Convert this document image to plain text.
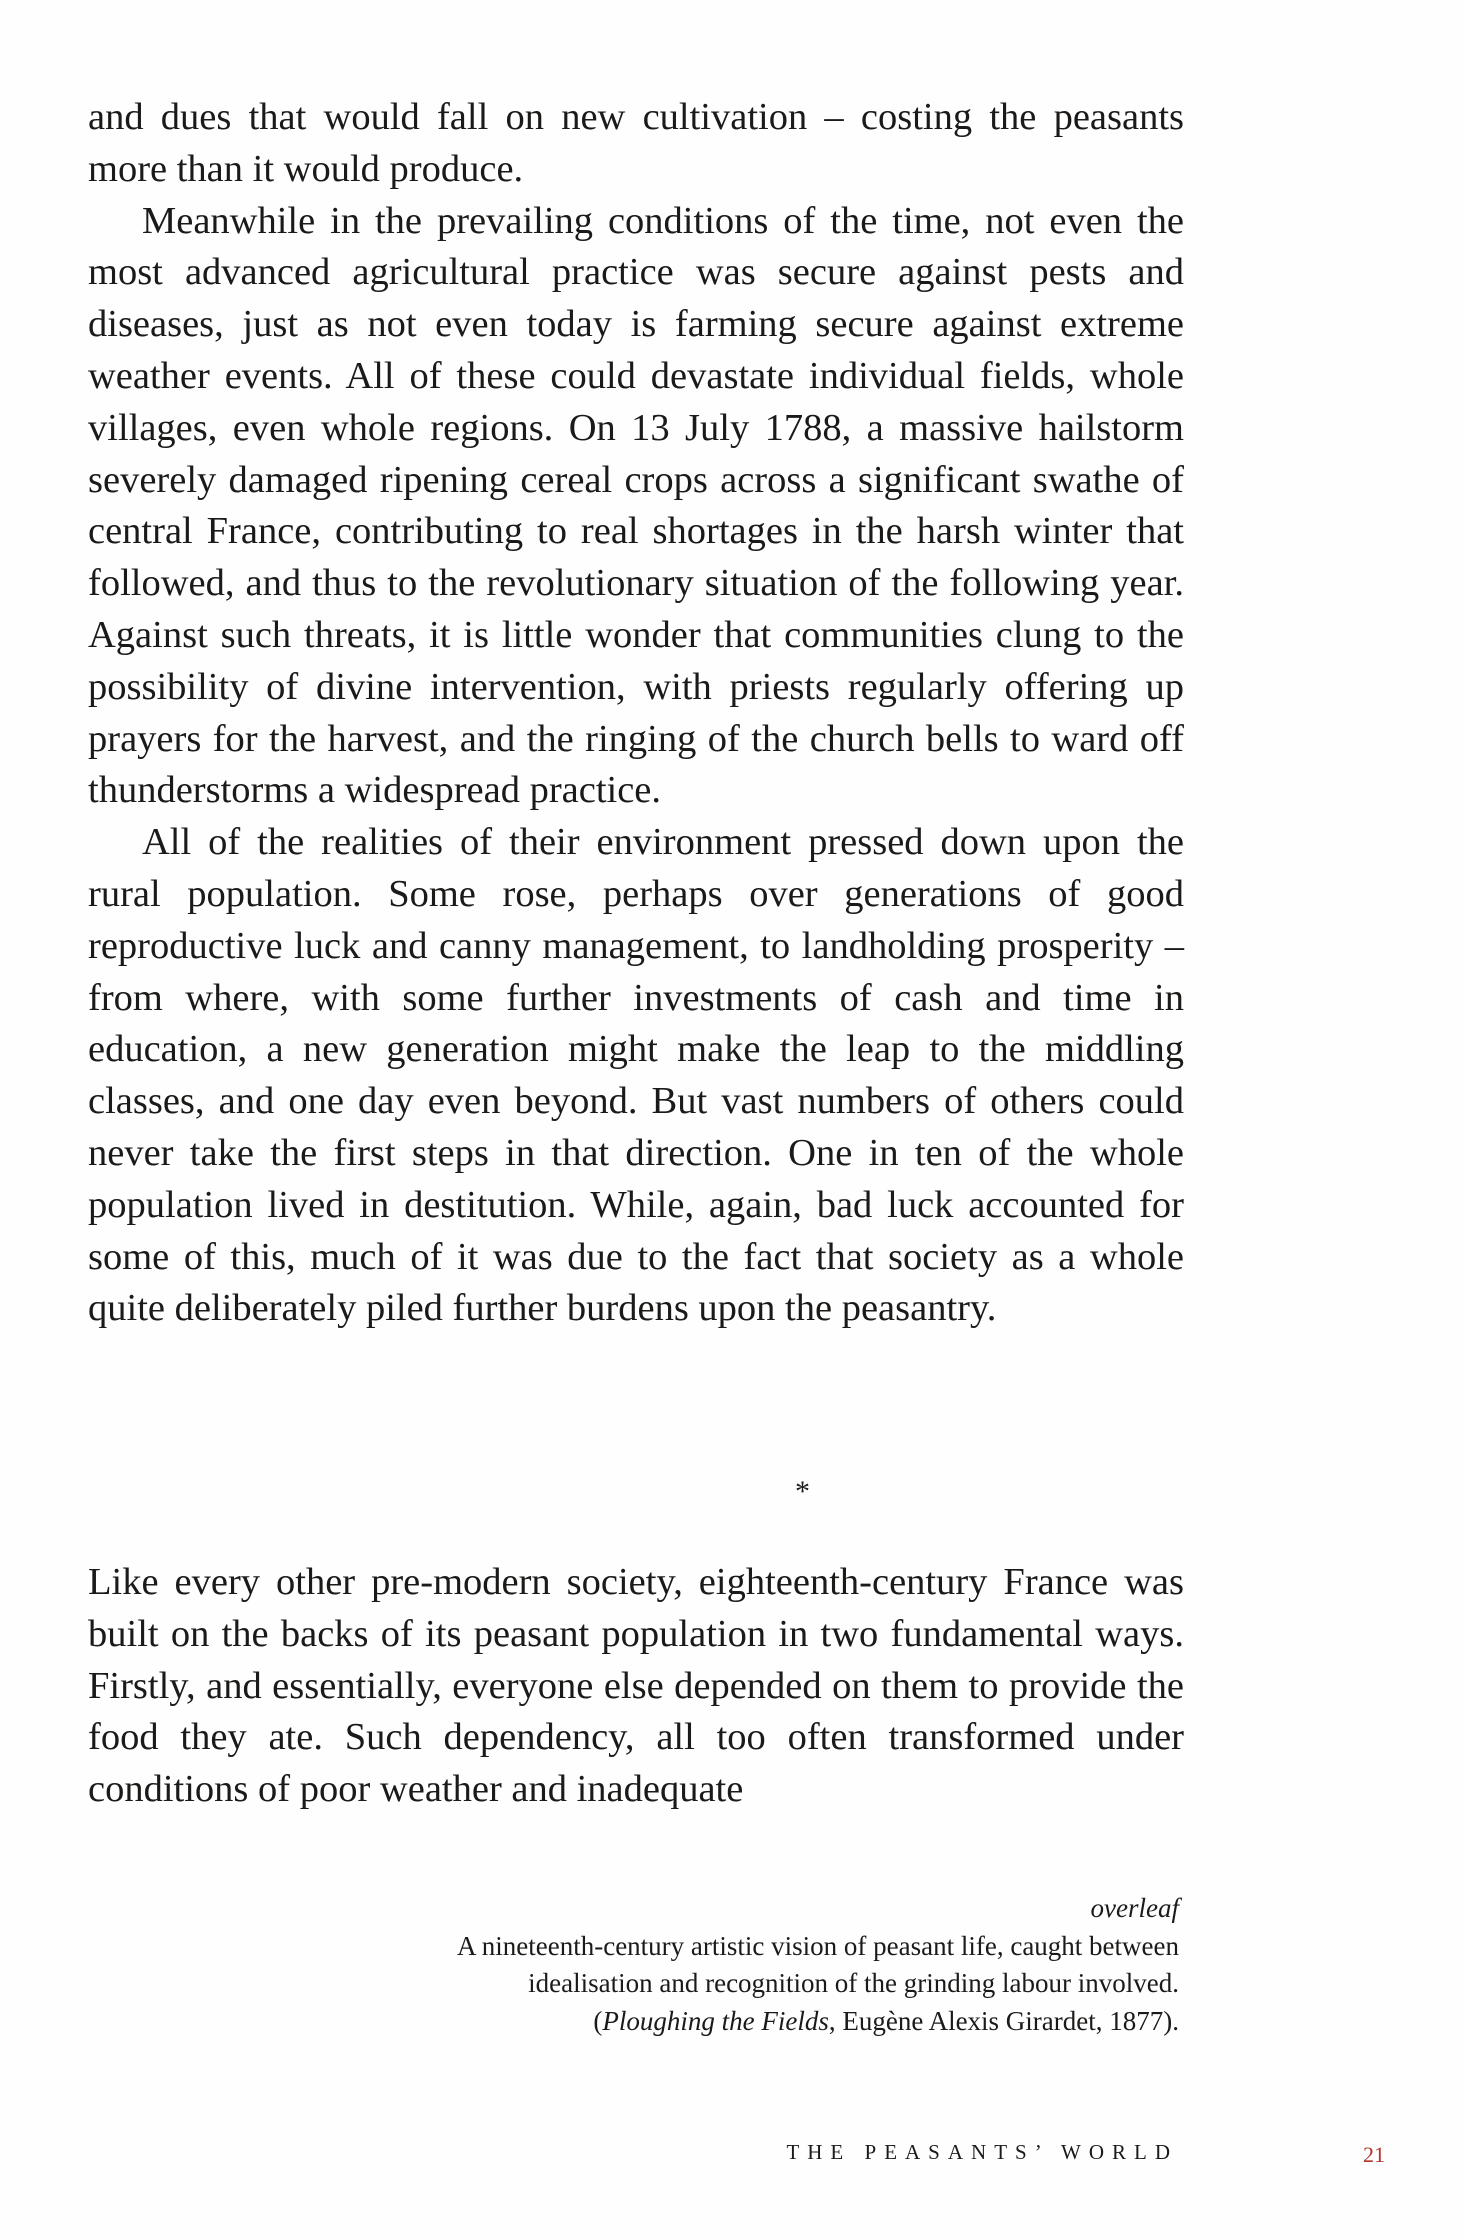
and dues that would fall on new cultivation – costing the peasants more than it would produce.

Meanwhile in the prevailing conditions of the time, not even the most advanced agricultural practice was secure against pests and diseases, just as not even today is farming secure against extreme weather events. All of these could devastate individual fields, whole villages, even whole regions. On 13 July 1788, a massive hailstorm severely damaged ripening cereal crops across a significant swathe of central France, contributing to real shortages in the harsh winter that followed, and thus to the revolutionary situation of the following year. Against such threats, it is little wonder that communities clung to the possibility of divine intervention, with priests regularly offering up prayers for the harvest, and the ringing of the church bells to ward off thunderstorms a widespread practice.

All of the realities of their environment pressed down upon the rural population. Some rose, perhaps over generations of good reproductive luck and canny management, to landholding prosperity – from where, with some further investments of cash and time in education, a new generation might make the leap to the middling classes, and one day even beyond. But vast numbers of others could never take the first steps in that direction. One in ten of the whole population lived in destitution. While, again, bad luck accounted for some of this, much of it was due to the fact that society as a whole quite deliberately piled further burdens upon the peasantry.

*

Like every other pre-modern society, eighteenth-century France was built on the backs of its peasant population in two fundamental ways. Firstly, and essentially, everyone else depended on them to provide the food they ate. Such dependency, all too often transformed under conditions of poor weather and inadequate

overleaf
A nineteenth-century artistic vision of peasant life, caught between
idealisation and recognition of the grinding labour involved.
(Ploughing the Fields, Eugène Alexis Girardet, 1877).
THE PEASANTS’ WORLD	21
